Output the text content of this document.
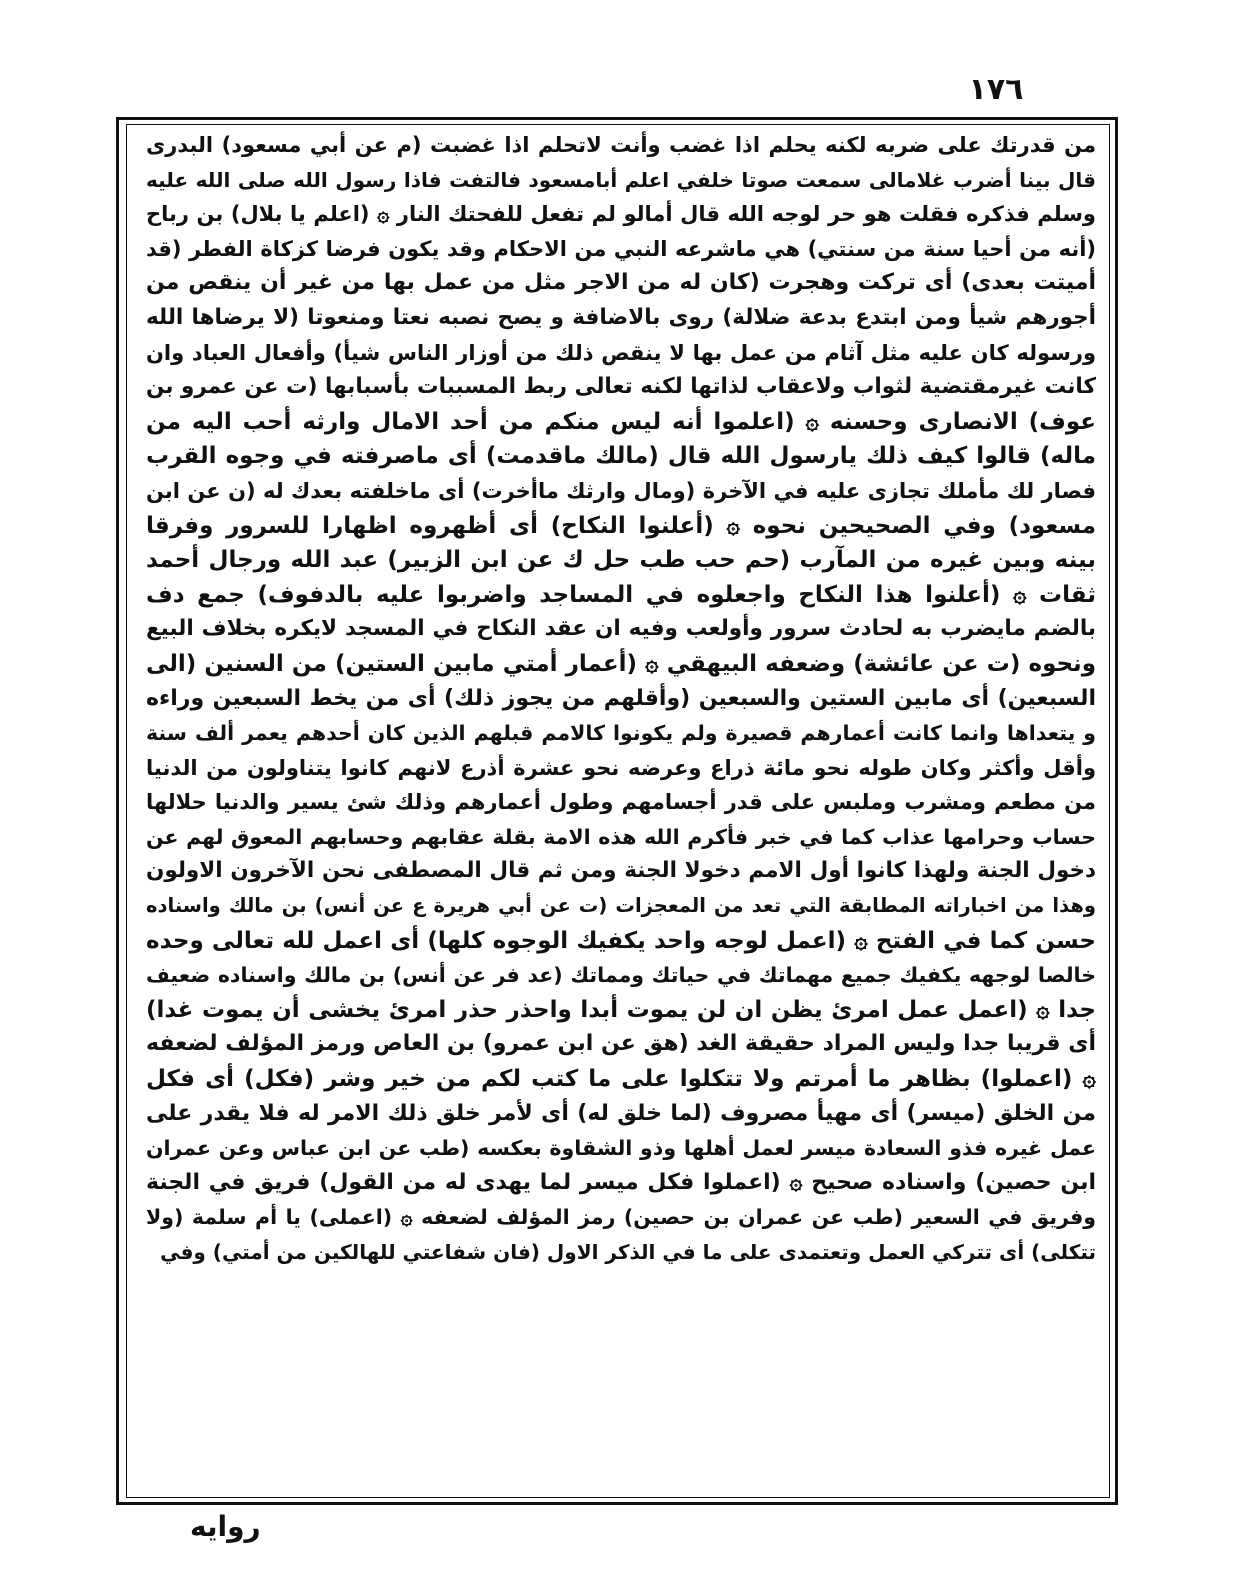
١٧٦
من قدرتك على ضربه لكنه يحلم اذا غضب وأنت لاتحلم اذا غضبت (م عن أبي مسعود) البدرى
قال بينا أضرب غلامالى سمعت صوتا خلفي اعلم أبامسعود فالتفت فاذا رسول الله صلى الله عليه
وسلم فذكره فقلت هو حر لوجه الله قال أمالو لم تفعل للفحتك النار ۞ (اعلم يا بلال) بن رباح
(أنه من أحيا سنة من سنتي) هي ماشرعه النبي من الاحكام وقد يكون فرضا كزكاة الفطر (قد
أميتت بعدى) أى تركت وهجرت (كان له من الاجر مثل من عمل بها من غير أن ينقص من
أجورهم شيأ ومن ابتدع بدعة ضلالة) روى بالاضافة و يصح نصبه نعتا ومنعوتا (لا يرضاها الله
ورسوله كان عليه مثل آثام من عمل بها لا ينقص ذلك من أوزار الناس شيأ) وأفعال العباد وان
كانت غيرمقتضية لثواب ولاعقاب لذاتها لكنه تعالى ربط المسببات بأسبابها (ت عن عمرو بن
عوف) الانصارى وحسنه ۞ (اعلموا أنه ليس منكم من أحد الامال وارثه أحب اليه من
ماله) قالوا كيف ذلك يارسول الله قال (مالك ماقدمت) أى ماصرفته في وجوه القرب
فصار لك مأملك تجازى عليه في الآخرة (ومال وارثك ماأخرت) أى ماخلفته بعدك له (ن عن ابن
مسعود) وفي الصحيحين نحوه ۞ (أعلنوا النكاح) أى أظهروه اظهارا للسرور وفرقا
بينه وبين غيره من المآرب (حم حب طب حل ك عن ابن الزبير) عبد الله ورجال أحمد
ثقات ۞ (أعلنوا هذا النكاح واجعلوه في المساجد واضربوا عليه بالدفوف) جمع دف
بالضم مايضرب به لحادث سرور وأولعب وفيه ان عقد النكاح في المسجد لايكره بخلاف البيع
ونحوه (ت عن عائشة) وضعفه البيهقي ۞ (أعمار أمتي مابين الستين) من السنين (الى
السبعين) أى مابين الستين والسبعين (وأقلهم من يجوز ذلك) أى من يخط السبعين وراءه
و يتعداها وانما كانت أعمارهم قصيرة ولم يكونوا كالامم قبلهم الذين كان أحدهم يعمر ألف سنة
وأقل وأكثر وكان طوله نحو مائة ذراع وعرضه نحو عشرة أذرع لانهم كانوا يتناولون من الدنيا
من مطعم ومشرب وملبس على قدر أجسامهم وطول أعمارهم وذلك شئ يسير والدنيا حلالها
حساب وحرامها عذاب كما في خبر فأكرم الله هذه الامة بقلة عقابهم وحسابهم المعوق لهم عن
دخول الجنة ولهذا كانوا أول الامم دخولا الجنة ومن ثم قال المصطفى نحن الآخرون الاولون
وهذا من اخباراته المطابقة التي تعد من المعجزات (ت عن أبي هريرة ع عن أنس) بن مالك واسناده
حسن كما في الفتح ۞ (اعمل لوجه واحد يكفيك الوجوه كلها) أى اعمل لله تعالى وحده
خالصا لوجهه يكفيك جميع مهماتك في حياتك ومماتك (عد فر عن أنس) بن مالك واسناده ضعيف
جدا ۞ (اعمل عمل امرئ يظن ان لن يموت أبدا واحذر حذر امرئ يخشى أن يموت غدا)
أى قريبا جدا وليس المراد حقيقة الغد (هق عن ابن عمرو) بن العاص ورمز المؤلف لضعفه
۞ (اعملوا) بظاهر ما أمرتم ولا تتكلوا على ما كتب لكم من خير وشر (فكل) أى فكل
من الخلق (ميسر) أى مهيأ مصروف (لما خلق له) أى لأمر خلق ذلك الامر له فلا يقدر على
عمل غيره فذو السعادة ميسر لعمل أهلها وذو الشقاوة بعكسه (طب عن ابن عباس وعن عمران
ابن حصين) واسناده صحيح ۞ (اعملوا فكل ميسر لما يهدى له من القول) فريق في الجنة
وفريق في السعير (طب عن عمران بن حصين) رمز المؤلف لضعفه ۞ (اعملى) يا أم سلمة (ولا
تتكلى) أى تتركي العمل وتعتمدى على ما في الذكر الاول (فان شفاعتي للهالكين من أمتي) وفي
روايه
